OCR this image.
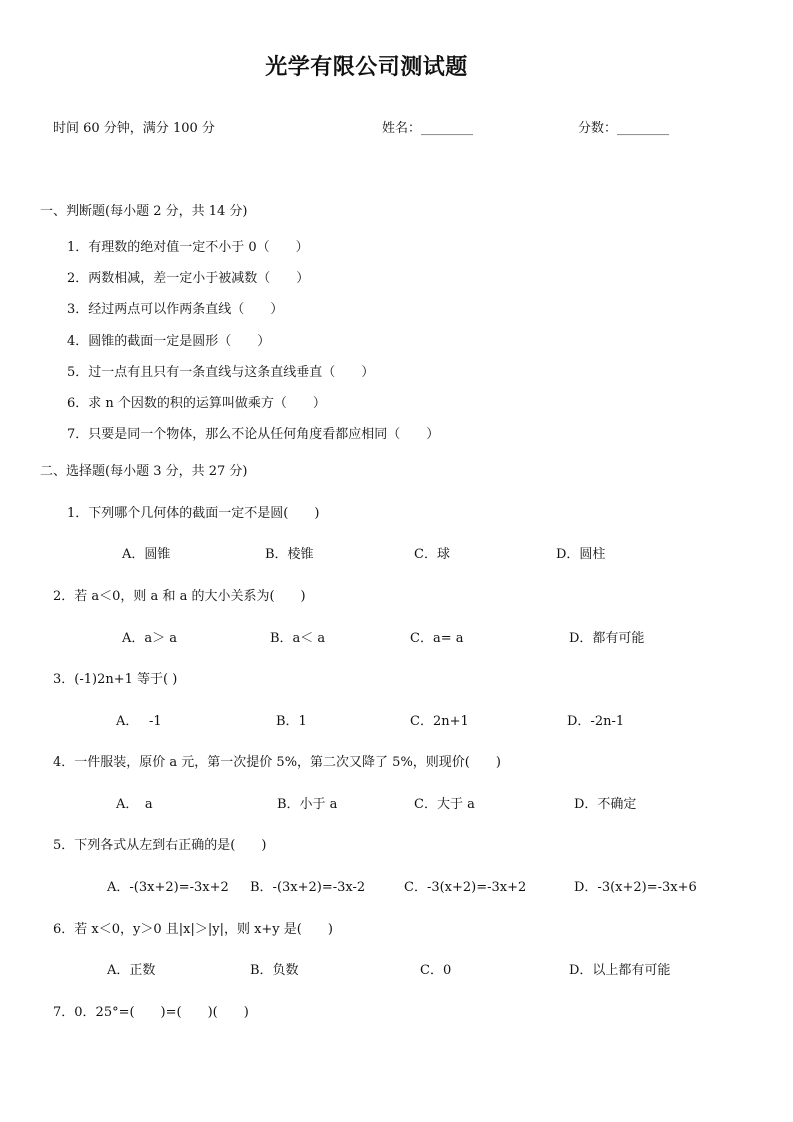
光学有限公司测试题
时间 60 分钟，满分 100 分	姓名：________	分数：________
一、判断题(每小题 2 分，共 14 分)
1．有理数的绝对值一定不小于 0（　　）
2．两数相减，差一定小于被减数（　　）
3．经过两点可以作两条直线（　　）
4．圆锥的截面一定是圆形（　　）
5．过一点有且只有一条直线与这条直线垂直（　　）
6．求 n 个因数的积的运算叫做乘方（　　）
7．只要是同一个物体，那么不论从任何角度看都应相同（　　）
二、选择题(每小题 3 分，共 27 分)
1．下列哪个几何体的截面一定不是圆(　　)
A．圆锥	B．棱锥	C．球	D．圆柱
2．若 a＜0，则 a 和 a 的大小关系为(　　)
A．a＞ a	B．a＜ a	C．a= a	D．都有可能
3．(-1)2n+1 等于( )
A．　 -1	B．1	C．2n+1	D．-2n-1
4．一件服装，原价 a 元，第一次提价 5%，第二次又降了 5%，则现价(　　)
A．　a	B．小于 a	C．大于 a	D．不确定
5．下列各式从左到右正确的是(　　)
A．-(3x+2)=-3x+2 B．-(3x+2)=-3x-2	C．-3(x+2)=-3x+2	D．-3(x+2)=-3x+6
6．若 x＜0，y＞0 且|x|＞|y|，则 x+y 是(　　)
A．正数	B．负数	C．0	D．以上都有可能
7．0．25°=(　　)=(　　)(　　)
